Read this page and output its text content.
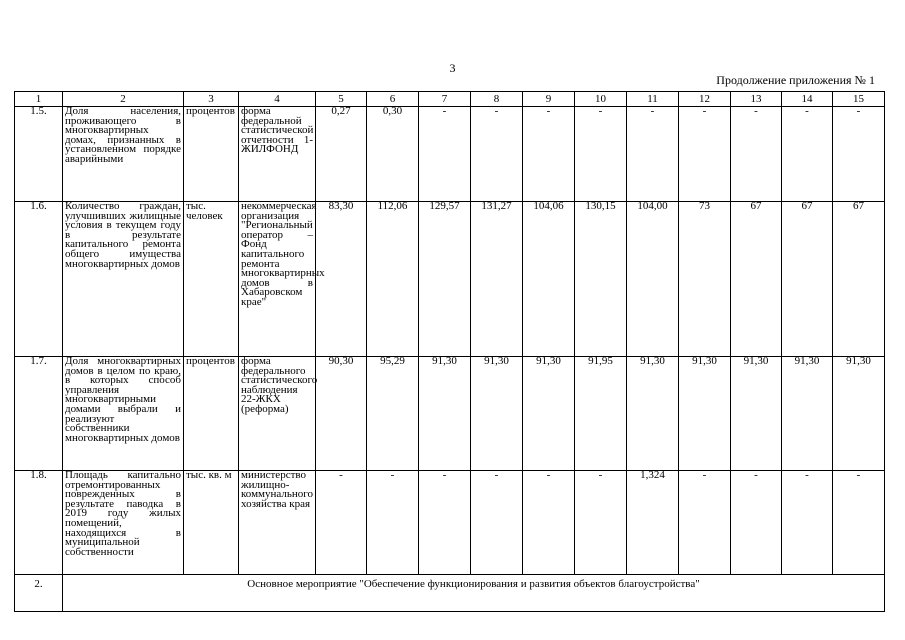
3
Продолжение приложения № 1
1	2	3	4	5	6	7	8	9	10	11	12	13	14	15
1.5.	Доля населения, проживающего в многоквартирных домах, признанных в установленном порядке аварийными	процентов	форма федеральной статистической отчетности 1-ЖИЛФОНД	0,27	0,30	-	-	-	-	-	-	-	-	-
1.6.	Количество граждан, улучшивших жилищные условия в текущем году в результате капитального ремонта общего имущества многоквартирных домов	тыс. человек	некоммерческая организация "Региональный оператор – Фонд капитального ремонта многоквартирных домов в Хабаровском крае"	83,30	112,06	129,57	131,27	104,06	130,15	104,00	73	67	67	67
1.7.	Доля многоквартирных домов в целом по краю, в которых способ управления многоквартирными домами выбрали и реализуют собственники многоквартирных домов	процентов	форма федерального статистического наблюдения 22-ЖКХ (реформа)	90,30	95,29	91,30	91,30	91,30	91,95	91,30	91,30	91,30	91,30	91,30
1.8.	Площадь капитально отремонтированных поврежденных в результате паводка в 2019 году жилых помещений, находящихся в муниципальной собственности	тыс. кв. м	министерство жилищно-коммунального хозяйства края	-	-	-	-	-	-	1,324	-	-	-	-
2.	Основное мероприятие "Обеспечение функционирования и развития объектов благоустройства"													
